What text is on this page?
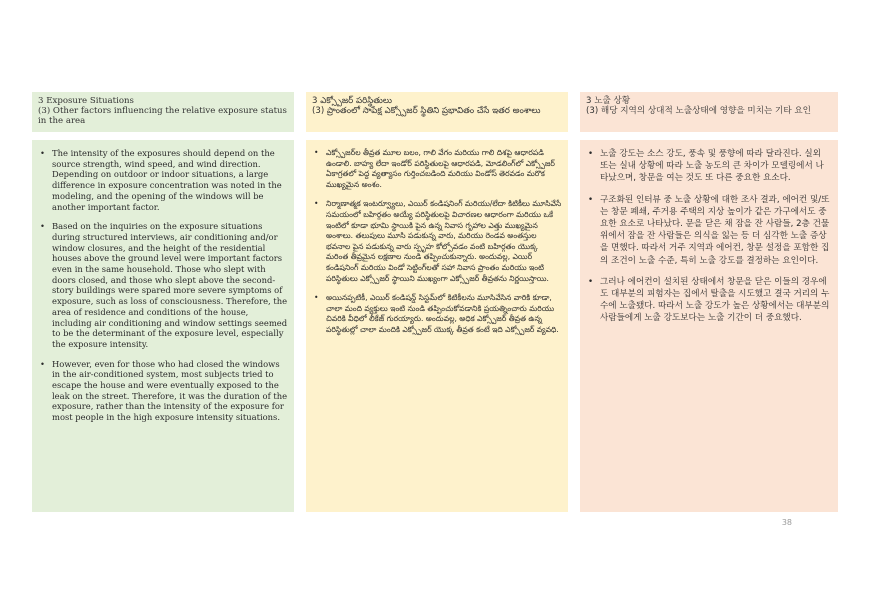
3 Exposure Situations
(3) Other factors influencing the relative exposure status in the area
• The intensity of the exposures should depend on the source strength, wind speed, and wind direction. Depending on outdoor or indoor situations, a large difference in exposure concentration was noted in the modeling, and the opening of the windows will be another important factor.
• Based on the inquiries on the exposure situations during structured interviews, air conditioning and/or window closures, and the height of the residential houses above the ground level were important factors even in the same household. Those who slept with doors closed, and those who slept above the second-story buildings were spared more severe symptoms of exposure, such as loss of consciousness. Therefore, the area of residence and conditions of the house, including air conditioning and window settings seemed to be the determinant of the exposure level, especially the exposure intensity.
• However, even for those who had closed the windows in the air-conditioned system, most subjects tried to escape the house and were eventually exposed to the leak on the street. Therefore, it was the duration of the exposure, rather than the intensity of the exposure for most people in the high exposure intensity situations.
3 ఎక్స్పోజర్ పరిస్థితులు
(3) ప్రాంతంలో సాపేక్ష ఎక్స్పోజర్ స్థితిని ప్రభావితం చేసే ఇతర అంశాలు
• ఎక్స్పోజర్‌ల తీవ్రత మూల బలం, గాలి వేగం మరియు గాలి దిశపై ఆధారపడి ఉండాలి. బాహ్య లేదా ఇండోర్ పరిస్థితులపై ఆధారపడి, మోడలింగ్‌లో ఎక్స్పోజర్ ఏకాగ్రతలో పెద్ద వ్యత్యాసం గుర్తించబడింది మరియు విండోస్ తెరవడం మరొక ముఖ్యమైన అంశం.
• నిర్మాణాత్మక ఇంటర్వ్యూలు, ఎయిర్ కండిషనింగ్ మరియు/లేదా కిటికీలు మూసివేసే సమయంలో బహిర్గతం అయ్యే పరిస్థితులపై విచారణల ఆధారంగా మరియు ఒకే ఇంటిలో కూడా భూమి స్థాయికి పైన ఉన్న నివాస గృహాల ఎత్తు ముఖ్యమైన అంశాలు. తలుపులు మూసి పడుకున్న వారు, మరియు రెండవ అంతస్తుల భవనాల పైన పడుకున్న వారు స్పృహ కోల్పోవడం వంటి బహిర్గతం యొక్క మరింత తీవ్రమైన లక్షణాల నుండి తప్పించుకున్నారు. అందువల్ల, ఎయిర్ కండిషనింగ్ మరియు విండో సెట్టింగ్‌లతో సహా నివాస ప్రాంతం మరియు ఇంటి పరిస్థితులు ఎక్స్పోజర్ స్థాయిని ముఖ్యంగా ఎక్స్పోజర్ తీవ్రతను నిర్ణయిస్తాయి.
• అయినప్పటికీ, ఎయిర్ కండిషన్డ్ సిస్టమ్‌లో కిటికీలను మూసివేసిన వారికి కూడా, చాలా మంది వ్యక్తులు ఇంటి నుండి తప్పించుకోవడానికి ప్రయత్నించారు మరియు చివరికి వీధిలో లీకేజ్ గురయ్యారు. అందువల్ల, అధిక ఎక్స్పోజర్ తీవ్రత ఉన్న పరిస్థితుల్లో చాలా మందికి ఎక్స్పోజర్ యొక్క తీవ్రత కంటే ఇది ఎక్స్పోజర్ వ్యవధి.
3 노출 상황
(3) 해당 지역의 상대적 노출상태에 영향을 미치는 기타 요인
• 노출 강도는 소스 강도, 풍속 및 풍향에 따라 달라진다. 실외 또는 실내 상황에 따라 노출 농도의 큰 차이가 모델링에서 나타났으며, 창문을 여는 것도 또 다른 중요한 요소다.
• 구조화된 인터뷰 중 노출 상황에 대한 조사 결과, 에어컨 및/또는 창문 폐쇄, 주거용 주택의 지상 높이가 같은 가구에서도 중요한 요소로 나타났다. 문을 닫은 채 잠을 잔 사람들, 2층 건물 위에서 잠을 잔 사람들은 의식을 잃는 등 더 심각한 노출 증상을 면했다. 따라서 거주 지역과 에어컨, 창문 설정을 포함한 집의 조건이 노출 수준, 특히 노출 강도를 결정하는 요인이다.
• 그러나 에어컨이 설치된 상태에서 창문을 닫은 이들의 경우에도 대부분의 피험자는 집에서 탈출을 시도했고 결국 거리의 누수에 노출됐다. 따라서 노출 강도가 높은 상황에서는 대부분의 사람들에게 노출 강도보다는 노출 기간이 더 중요했다.
38
